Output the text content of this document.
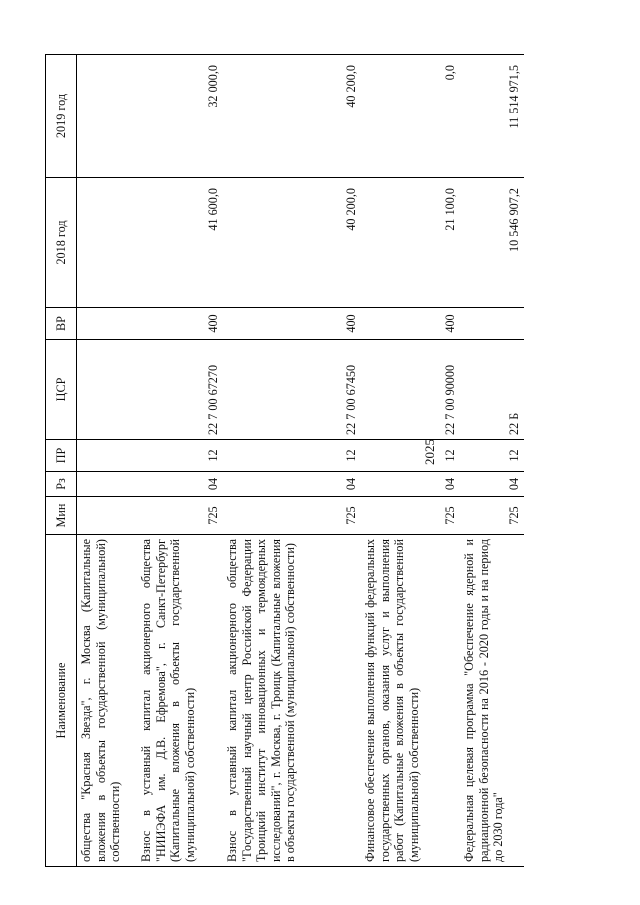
2025
Наименование	Мин	Рз	ПР	ЦСР	ВР	2018 год	2019 год
общества "Красная Звезда", г. Москва (Капитальные вложения в объекты государственной (муниципальной) собственности)							
Взнос в уставный капитал акционерного общества "НИИЭФА им. Д.В. Ефремова", г. Санкт-Петербург (Капитальные вложения в объекты государственной (муниципальной) собственности)	725	04	12	22 7 00 67270	400	41 600,0	32 000,0
Взнос в уставный капитал акционерного общества "Государственный научный центр Российской Федерации Троицкий институт инновационных и термоядерных исследований", г. Москва, г. Троицк (Капитальные вложения в объекты государственной (муниципальной) собственности)	725	04	12	22 7 00 67450	400	40 200,0	40 200,0
Финансовое обеспечение выполнения функций федеральных государственных органов, оказания услуг и выполнения работ (Капитальные вложения в объекты государственной (муниципальной) собственности)	725	04	12	22 7 00 90000	400	21 100,0	0,0
Федеральная целевая программа "Обеспечение ядерной и радиационной безопасности на 2016 - 2020 годы и на период до 2030 года"	725	04	12	22 Б		10 546 907,2	11 514 971,5
